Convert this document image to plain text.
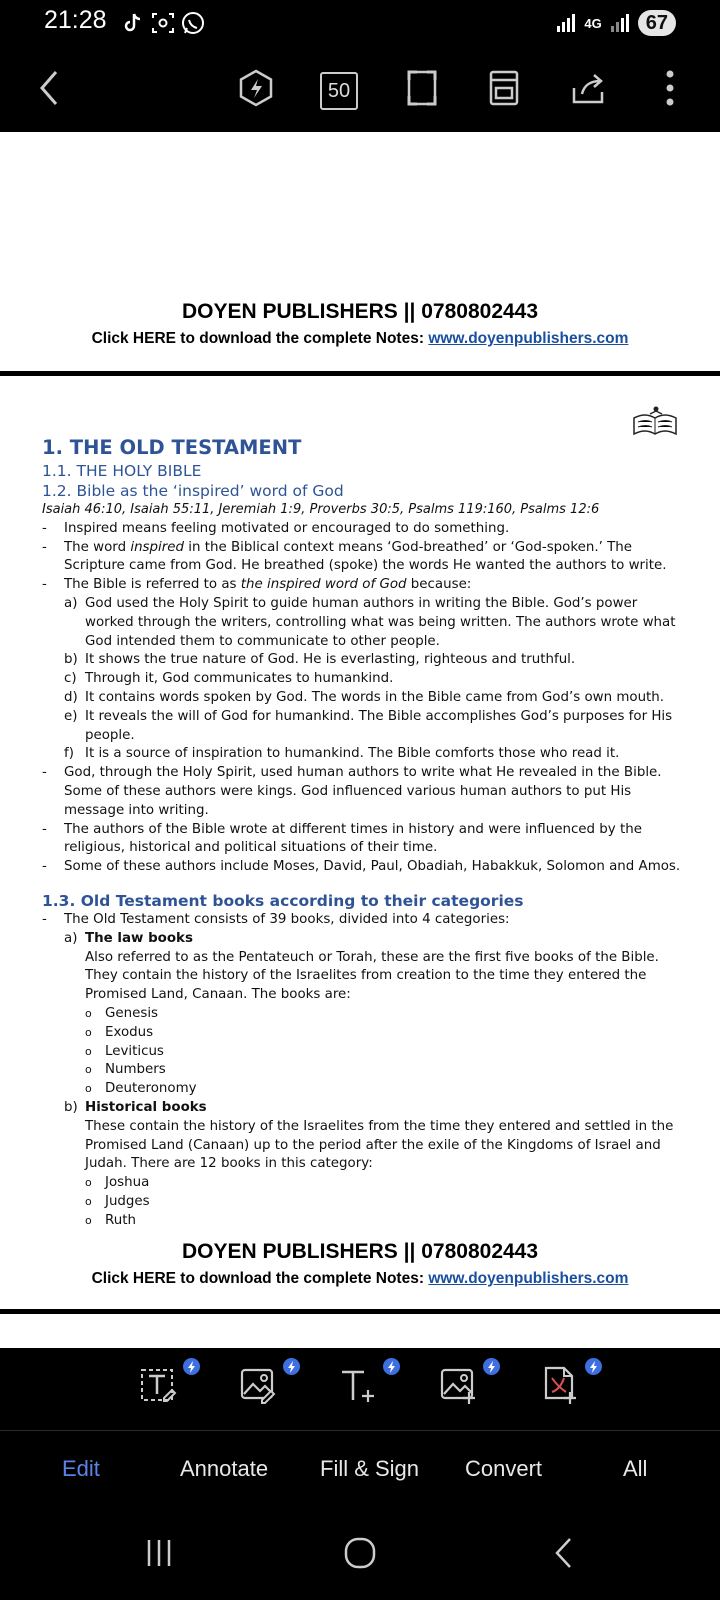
21:28	4G	67
50
DOYEN PUBLISHERS || 0780802443
Click HERE to download the complete Notes: www.doyenpublishers.com
1. THE OLD TESTAMENT
1.1. THE HOLY BIBLE
1.2. Bible as the ‘inspired’ word of God
Isaiah 46:10, Isaiah 55:11, Jeremiah 1:9, Proverbs 30:5, Psalms 119:160, Psalms 12:6
- Inspired means feeling motivated or encouraged to do something.
- The word inspired in the Biblical context means ‘God-breathed’ or ‘God-spoken.’ The Scripture came from God. He breathed (spoke) the words He wanted the authors to write.
- The Bible is referred to as the inspired word of God because:
a) God used the Holy Spirit to guide human authors in writing the Bible. God’s power worked through the writers, controlling what was being written. The authors wrote what God intended them to communicate to other people.
b) It shows the true nature of God. He is everlasting, righteous and truthful.
c) Through it, God communicates to humankind.
d) It contains words spoken by God. The words in the Bible came from God’s own mouth.
e) It reveals the will of God for humankind. The Bible accomplishes God’s purposes for His people.
f) It is a source of inspiration to humankind. The Bible comforts those who read it.
- God, through the Holy Spirit, used human authors to write what He revealed in the Bible. Some of these authors were kings. God influenced various human authors to put His message into writing.
- The authors of the Bible wrote at different times in history and were influenced by the religious, historical and political situations of their time.
- Some of these authors include Moses, David, Paul, Obadiah, Habakkuk, Solomon and Amos.
1.3. Old Testament books according to their categories
- The Old Testament consists of 39 books, divided into 4 categories:
a) The law books
Also referred to as the Pentateuch or Torah, these are the first five books of the Bible. They contain the history of the Israelites from creation to the time they entered the Promised Land, Canaan. The books are:
o Genesis
o Exodus
o Leviticus
o Numbers
o Deuteronomy
b) Historical books
These contain the history of the Israelites from the time they entered and settled in the Promised Land (Canaan) up to the period after the exile of the Kingdoms of Israel and Judah. There are 12 books in this category:
o Joshua
o Judges
o Ruth
DOYEN PUBLISHERS || 0780802443
Click HERE to download the complete Notes: www.doyenpublishers.com
Edit	Annotate Fill & Sign Convert	All
